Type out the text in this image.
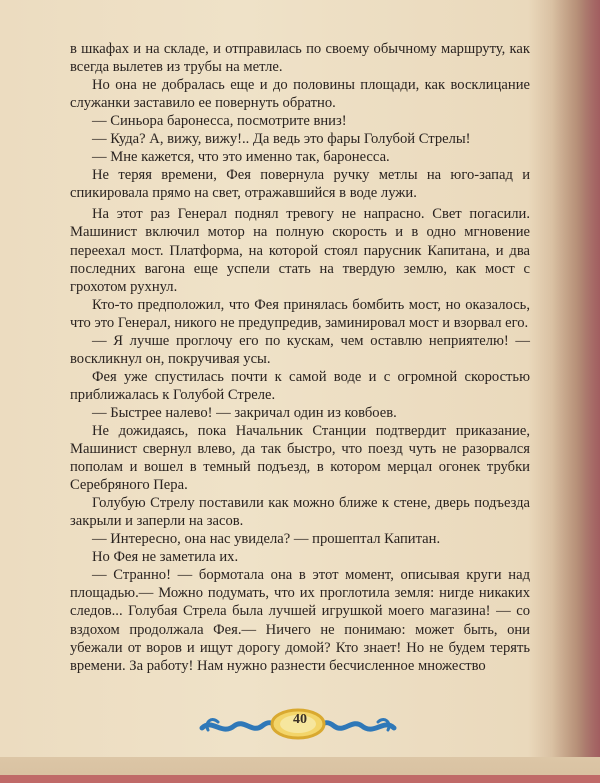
в шкафах и на складе, и отправилась по своему обычному маршруту, как всегда вылетев из трубы на метле.

Но она не добралась еще и до половины площади, как восклицание служанки заставило ее повернуть обратно.

— Синьора баронесса, посмотрите вниз!

— Куда? А, вижу, вижу!.. Да ведь это фары Голубой Стрелы!

— Мне кажется, что это именно так, баронесса.

Не теряя времени, Фея повернула ручку метлы на юго-запад и спикировала прямо на свет, отражавшийся в воде лужи.

На этот раз Генерал поднял тревогу не напрасно. Свет погасили. Машинист включил мотор на полную скорость и в одно мгновение переехал мост. Платформа, на которой стоял парусник Капитана, и два последних вагона еще успели стать на твердую землю, как мост с грохотом рухнул.

Кто-то предположил, что Фея принялась бомбить мост, но оказалось, что это Генерал, никого не предупредив, заминировал мост и взорвал его.

— Я лучше проглочу его по кускам, чем оставлю неприятелю! — воскликнул он, покручивая усы.

Фея уже спустилась почти к самой воде и с огромной скоростью приближалась к Голубой Стреле.

— Быстрее налево! — закричал один из ковбоев.

Не дожидаясь, пока Начальник Станции подтвердит приказание, Машинист свернул влево, да так быстро, что поезд чуть не разорвался пополам и вошел в темный подъезд, в котором мерцал огонек трубки Серебряного Пера.

Голубую Стрелу поставили как можно ближе к стене, дверь подъезда закрыли и заперли на засов.

— Интересно, она нас увидела? — прошептал Капитан.

Но Фея не заметила их.

— Странно! — бормотала она в этот момент, описывая круги над площадью.— Можно подумать, что их проглотила земля: нигде никаких следов... Голубая Стрела была лучшей игрушкой моего магазина! — со вздохом продолжала Фея.— Ничего не понимаю: может быть, они убежали от воров и ищут дорогу домой? Кто знает! Но не будем терять времени. За работу! Нам нужно разнести бесчисленное множество

40
